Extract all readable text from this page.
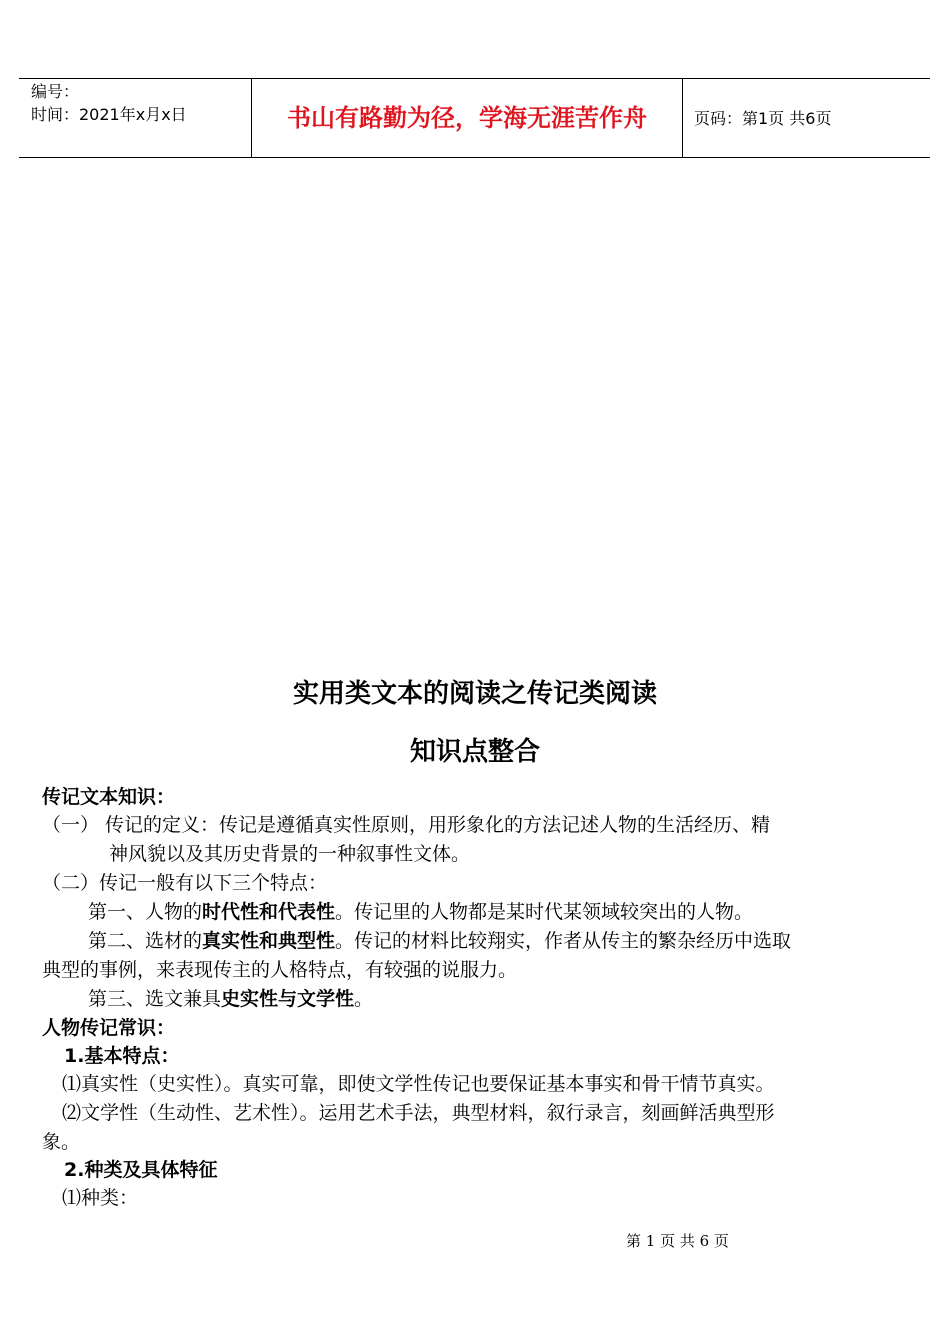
编号：
时间：2021年x月x日	书山有路勤为径，学海无涯苦作舟	页码：第1页 共6页
实用类文本的阅读之传记类阅读
知识点整合
传记文本知识：
（一） 传记的定义：传记是遵循真实性原则，用形象化的方法记述人物的生活经历、精
神风貌以及其历史背景的一种叙事性文体。
（二）传记一般有以下三个特点：
第一、人物的时代性和代表性。传记里的人物都是某时代某领域较突出的人物。
第二、选材的真实性和典型性。传记的材料比较翔实，作者从传主的繁杂经历中选取
典型的事例，来表现传主的人格特点，有较强的说服力。
第三、选文兼具史实性与文学性。
人物传记常识：
1.基本特点：
⑴真实性（史实性）。真实可靠，即使文学性传记也要保证基本事实和骨干情节真实。
⑵文学性（生动性、艺术性）。运用艺术手法，典型材料，叙行录言，刻画鲜活典型形
象。
2.种类及具体特征
⑴种类：
第 1 页 共 6 页
